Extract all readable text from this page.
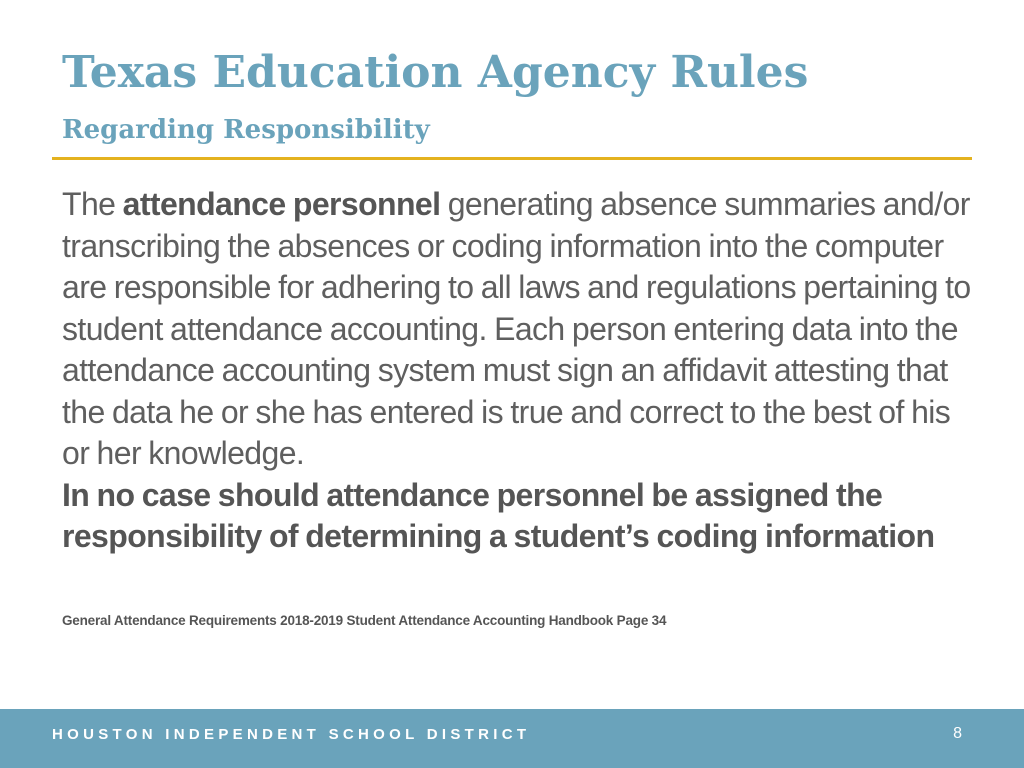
Texas Education Agency Rules
Regarding Responsibility

The attendance personnel generating absence summaries and/or transcribing the absences or coding information into the computer are responsible for adhering to all laws and regulations pertaining to student attendance accounting. Each person entering data into the attendance accounting system must sign an affidavit attesting that the data he or she has entered is true and correct to the best of his or her knowledge.
In no case should attendance personnel be assigned the responsibility of determining a student’s coding information

General Attendance Requirements 2018-2019 Student Attendance Accounting Handbook Page 34

HOUSTON INDEPENDENT SCHOOL DISTRICT	8
